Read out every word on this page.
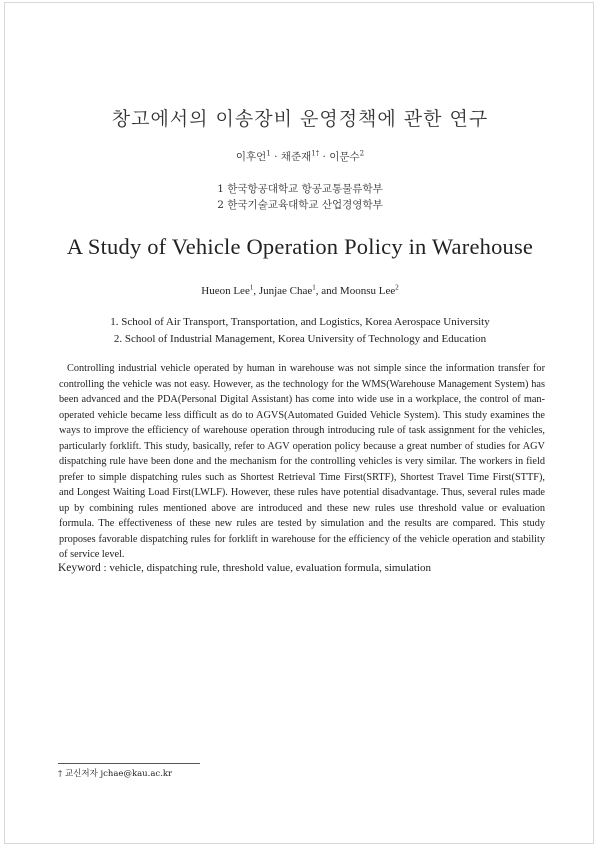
창고에서의 이송장비 운영정책에 관한 연구
이후언$^1$ · 채준재$^{1\dagger}$ · 이문수$^2$
1 한국항공대학교 항공교통물류학부
2 한국기술교육대학교 산업경영학부
A Study of Vehicle Operation Policy in Warehouse
Hueon Lee$^1$, Junjae Chae$^1$, and Moonsu Lee$^2$
1. School of Air Transport, Transportation, and Logistics, Korea Aerospace University
2. School of Industrial Management, Korea University of Technology and Education
Controlling industrial vehicle operated by human in warehouse was not simple since the information transfer for controlling the vehicle was not easy. However, as the technology for the WMS(Warehouse Management System) has been advanced and the PDA(Personal Digital Assistant) has come into wide use in a workplace, the control of man-operated vehicle became less difficult as do to AGVS(Automated Guided Vehicle System). This study examines the ways to improve the efficiency of warehouse operation through introducing rule of task assignment for the vehicles, particularly forklift. This study, basically, refer to AGV operation policy because a great number of studies for AGV dispatching rule have been done and the mechanism for the controlling vehicles is very similar. The workers in field prefer to simple dispatching rules such as Shortest Retrieval Time First(SRTF), Shortest Travel Time First(STTF), and Longest Waiting Load First(LWLF). However, these rules have potential disadvantage. Thus, several rules made up by combining rules mentioned above are introduced and these new rules use threshold value or evaluation formula. The effectiveness of these new rules are tested by simulation and the results are compared. This study proposes favorable dispatching rules for forklift in warehouse for the efficiency of the vehicle operation and stability of service level.
Keyword : vehicle, dispatching rule, threshold value, evaluation formula, simulation
† 교신저자 jchae@kau.ac.kr
